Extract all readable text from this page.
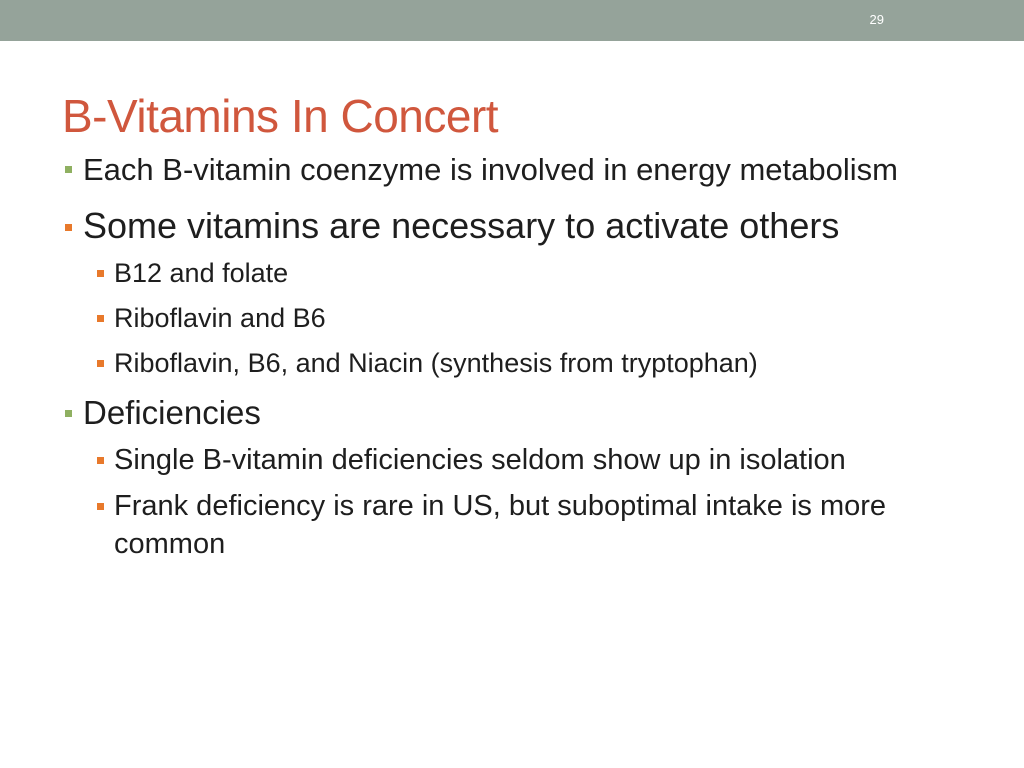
29
B-Vitamins In Concert
Each B-vitamin coenzyme is involved in energy metabolism
Some vitamins are necessary to activate others
B12 and folate
Riboflavin and B6
Riboflavin, B6, and Niacin (synthesis from tryptophan)
Deficiencies
Single B-vitamin deficiencies seldom show up in isolation
Frank deficiency is rare in US, but suboptimal intake is more common
